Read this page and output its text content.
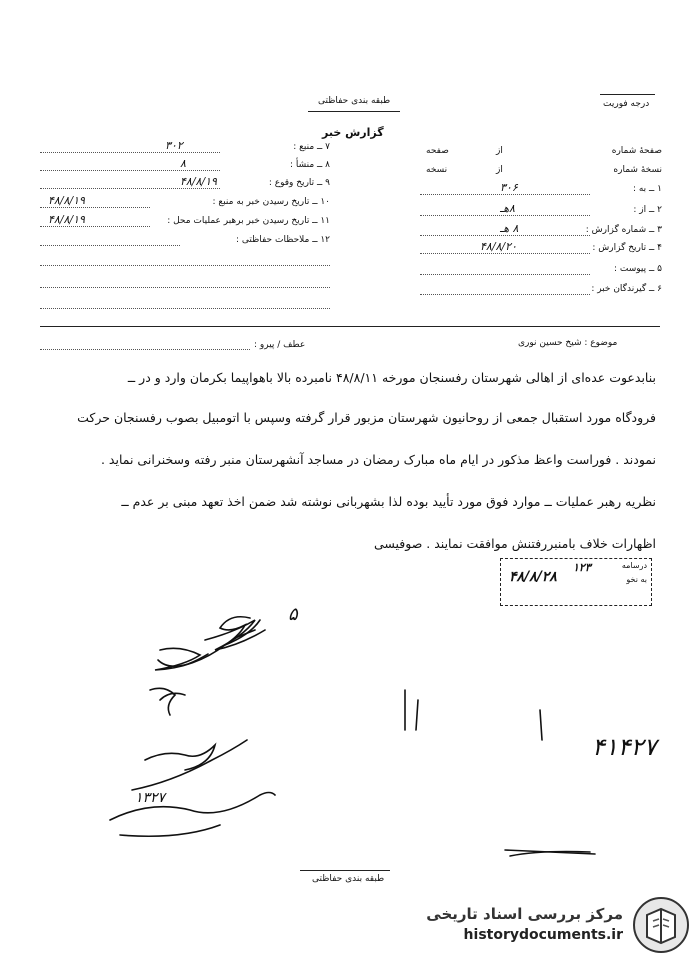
طبقه بندی حفاظتی	درجه فوریت
گزارش خبر
۷ ــ منبع :
۳۰۲
۸ ــ منشأ :
۸
۹ ــ تاریخ وقوع :
۴۸/۸/۱۹
۱۰ ــ تاریخ رسیدن خبر به منبع :
۴۸/۸/۱۹
۱۱ ــ تاریخ رسیدن خبر برهبر عملیات محل :
۴۸/۸/۱۹
۱۲ ــ ملاحظات حفاظتی :
صفحهٔ شماره
از
صفحه
نسخهٔ شماره
از
نسخه
۱ ــ به :
۳۰۶
۲ ــ از :
۸هـ
۳ ــ شماره گزارش :
۸ هـ
۴ ــ تاریخ گزارش :
۴۸/۸/۲۰
۵ ــ پیوست :
۶ ــ گیرندگان خبر :
عطف / پیرو :	موضوع : شیخ حسین نوری
بنابدعوت عده‌ای از اهالی شهرستان رفسنجان مورخه ۴۸/۸/۱۱ نامبرده بالا باهواپیما بکرمان وارد و در ــ
فرودگاه مورد استقبال جمعی از روحانیون شهرستان مزبور قرار گرفته وسپس با اتومبیل بصوب رفسنجان حرکت
نمودند . فوراست واعظ مذکور در ایام ماه مبارک رمضان در مساجد آنشهرستان منبر رفته وسخنرانی نماید .
نظریه رهبر عملیات ــ موارد فوق مورد تأیید بوده لذا بشهربانی نوشته شد ضمن اخذ تعهد مبنی بر عدم ــ
اظهارات خلاف بامنبررفتنش موافقت نمایند . صوفیسی
درسامه
به نخو
۴۸/۸/۲۸
۱۲۳
۵
۴۱۴۲۷
۱۳۲۷
طبقه بندی حفاظتی
مرکز بررسی اسناد تاریخی
historydocuments.ir
